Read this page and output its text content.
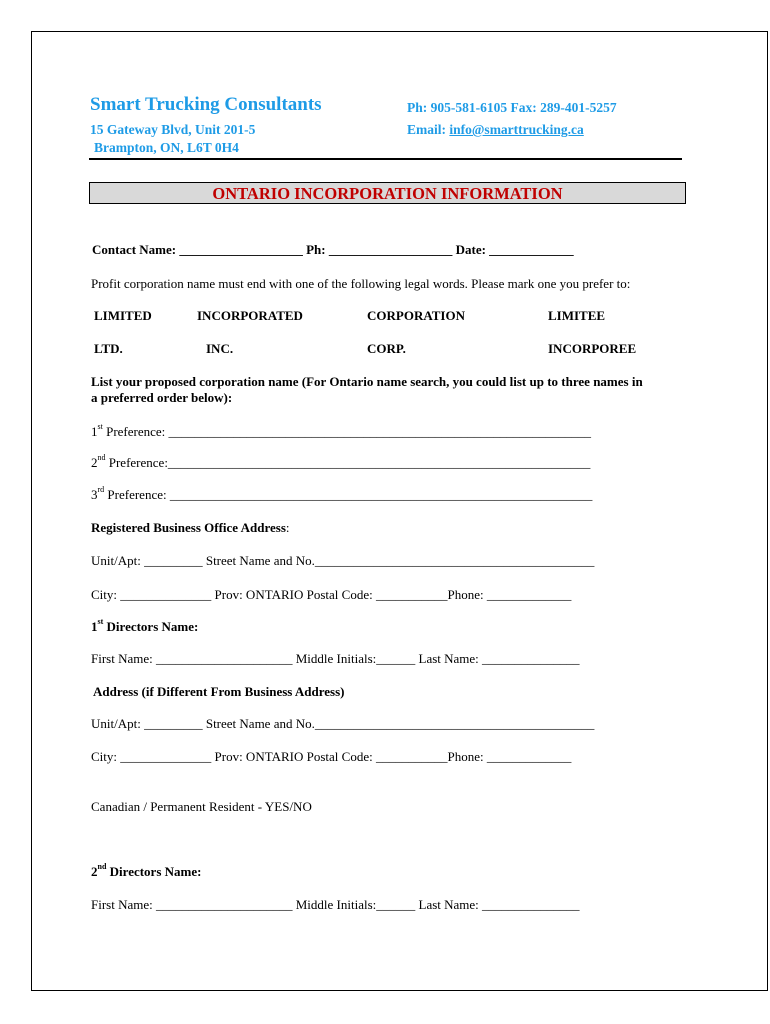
Smart Trucking Consultants
15 Gateway Blvd, Unit 201-5
Brampton, ON, L6T 0H4
Ph: 905-581-6105 Fax: 289-401-5257
Email: info@smarttrucking.ca
ONTARIO INCORPORATION INFORMATION
Contact Name: ___________________ Ph: ___________________ Date: _____________
Profit corporation name must end with one of the following legal words. Please mark one you prefer to:
LIMITED	INCORPORATED	CORPORATION	LIMITEE
LTD.	INC.	CORP.	INCORPOREE
List your proposed corporation name (For Ontario name search, you could list up to three names in
a preferred order below):
1st Preference: _________________________________________________________________
2nd Preference:_________________________________________________________________
3rd Preference: _________________________________________________________________
Registered Business Office Address:
Unit/Apt: _________ Street Name and No.___________________________________________
City: ______________ Prov: ONTARIO Postal Code: ___________Phone: _____________
1st Directors Name:
First Name: _____________________ Middle Initials:______ Last Name: _______________
Address (if Different From Business Address)
Unit/Apt: _________ Street Name and No.___________________________________________
City: ______________ Prov: ONTARIO Postal Code: ___________Phone: _____________
Canadian / Permanent Resident - YES/NO
2nd Directors Name:
First Name: _____________________ Middle Initials:______ Last Name: _______________
